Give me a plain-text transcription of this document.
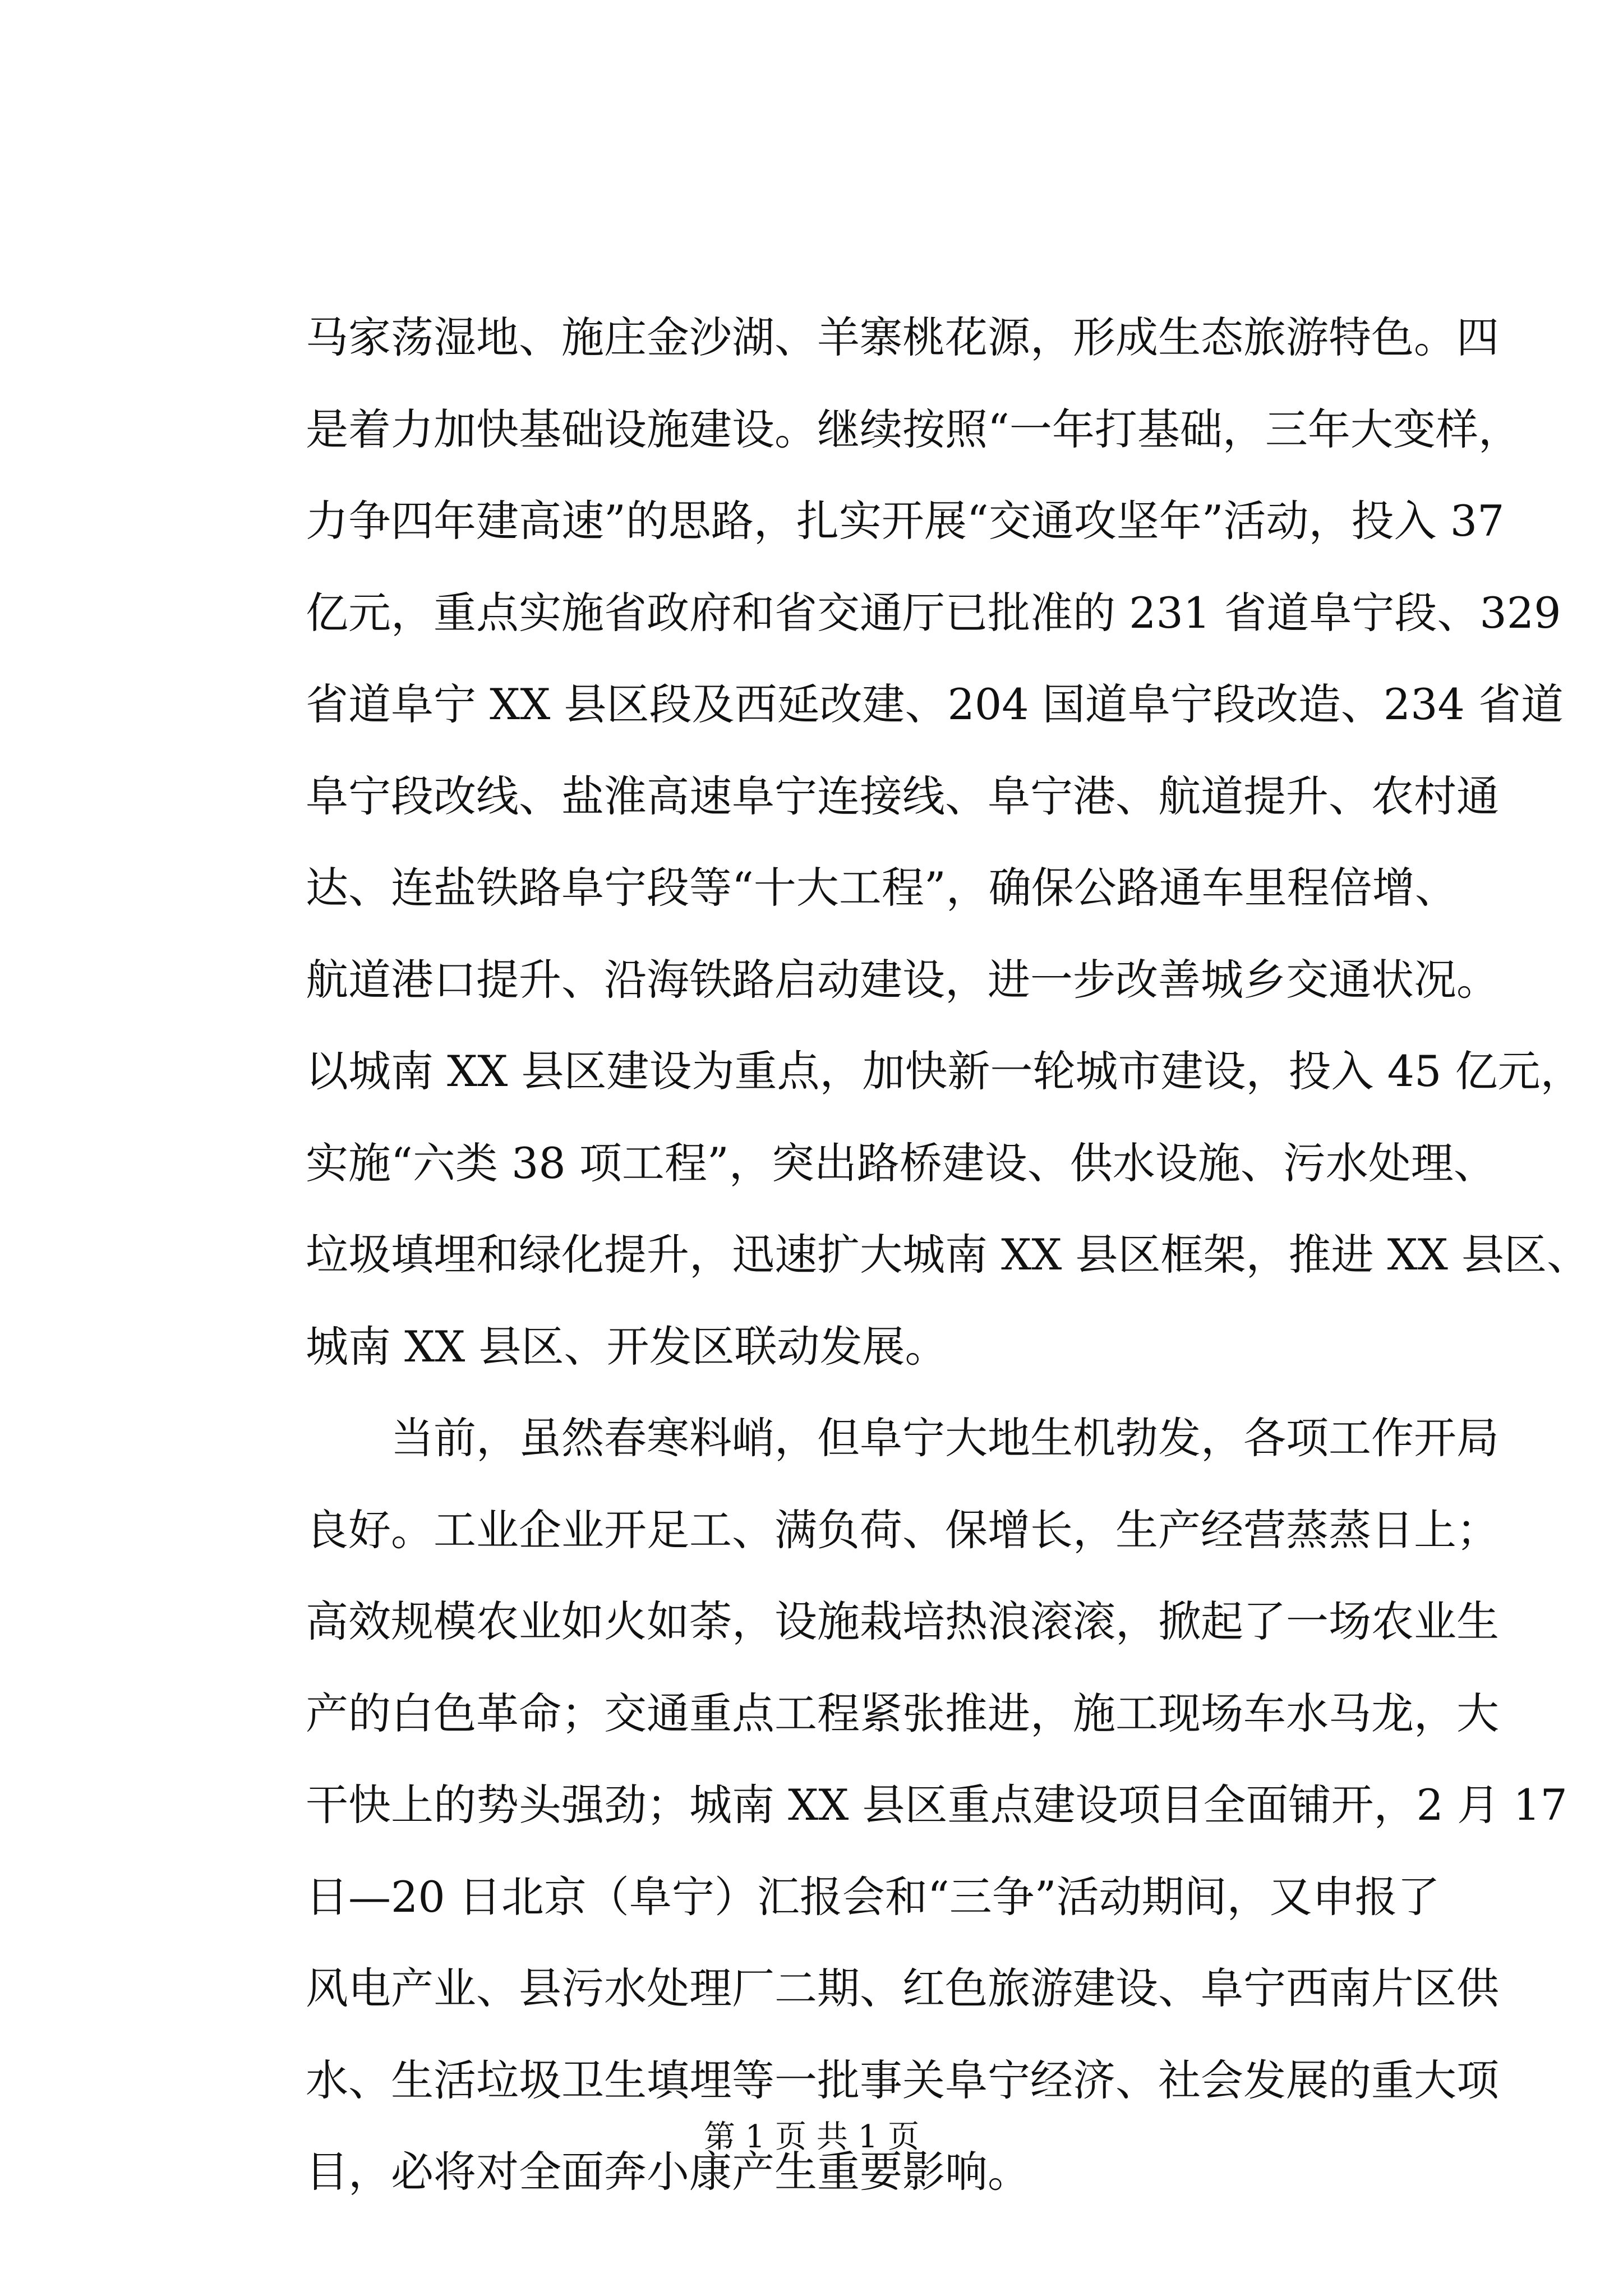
马家荡湿地、施庄金沙湖、羊寨桃花源，形成生态旅游特色。四
是着力加快基础设施建设。继续按照“一年打基础，三年大变样，
力争四年建高速”的思路，扎实开展“交通攻坚年”活动，投入 37
亿元，重点实施省政府和省交通厅已批准的 231 省道阜宁段、329
省道阜宁 XX 县区段及西延改建、204 国道阜宁段改造、234 省道
阜宁段改线、盐淮高速阜宁连接线、阜宁港、航道提升、农村通
达、连盐铁路阜宁段等“十大工程”，确保公路通车里程倍增、
航道港口提升、沿海铁路启动建设，进一步改善城乡交通状况。
以城南 XX 县区建设为重点，加快新一轮城市建设，投入 45 亿元，
实施“六类 38 项工程”，突出路桥建设、供水设施、污水处理、
垃圾填埋和绿化提升，迅速扩大城南 XX 县区框架，推进 XX 县区、
城南 XX 县区、开发区联动发展。
当前，虽然春寒料峭，但阜宁大地生机勃发，各项工作开局
良好。工业企业开足工、满负荷、保增长，生产经营蒸蒸日上；
高效规模农业如火如荼，设施栽培热浪滚滚，掀起了一场农业生
产的白色革命；交通重点工程紧张推进，施工现场车水马龙，大
干快上的势头强劲；城南 XX 县区重点建设项目全面铺开，2 月 17
日—20 日北京（阜宁）汇报会和“三争”活动期间，又申报了
风电产业、县污水处理厂二期、红色旅游建设、阜宁西南片区供
水、生活垃圾卫生填埋等一批事关阜宁经济、社会发展的重大项
目，必将对全面奔小康产生重要影响。
第 1 页 共 1 页
